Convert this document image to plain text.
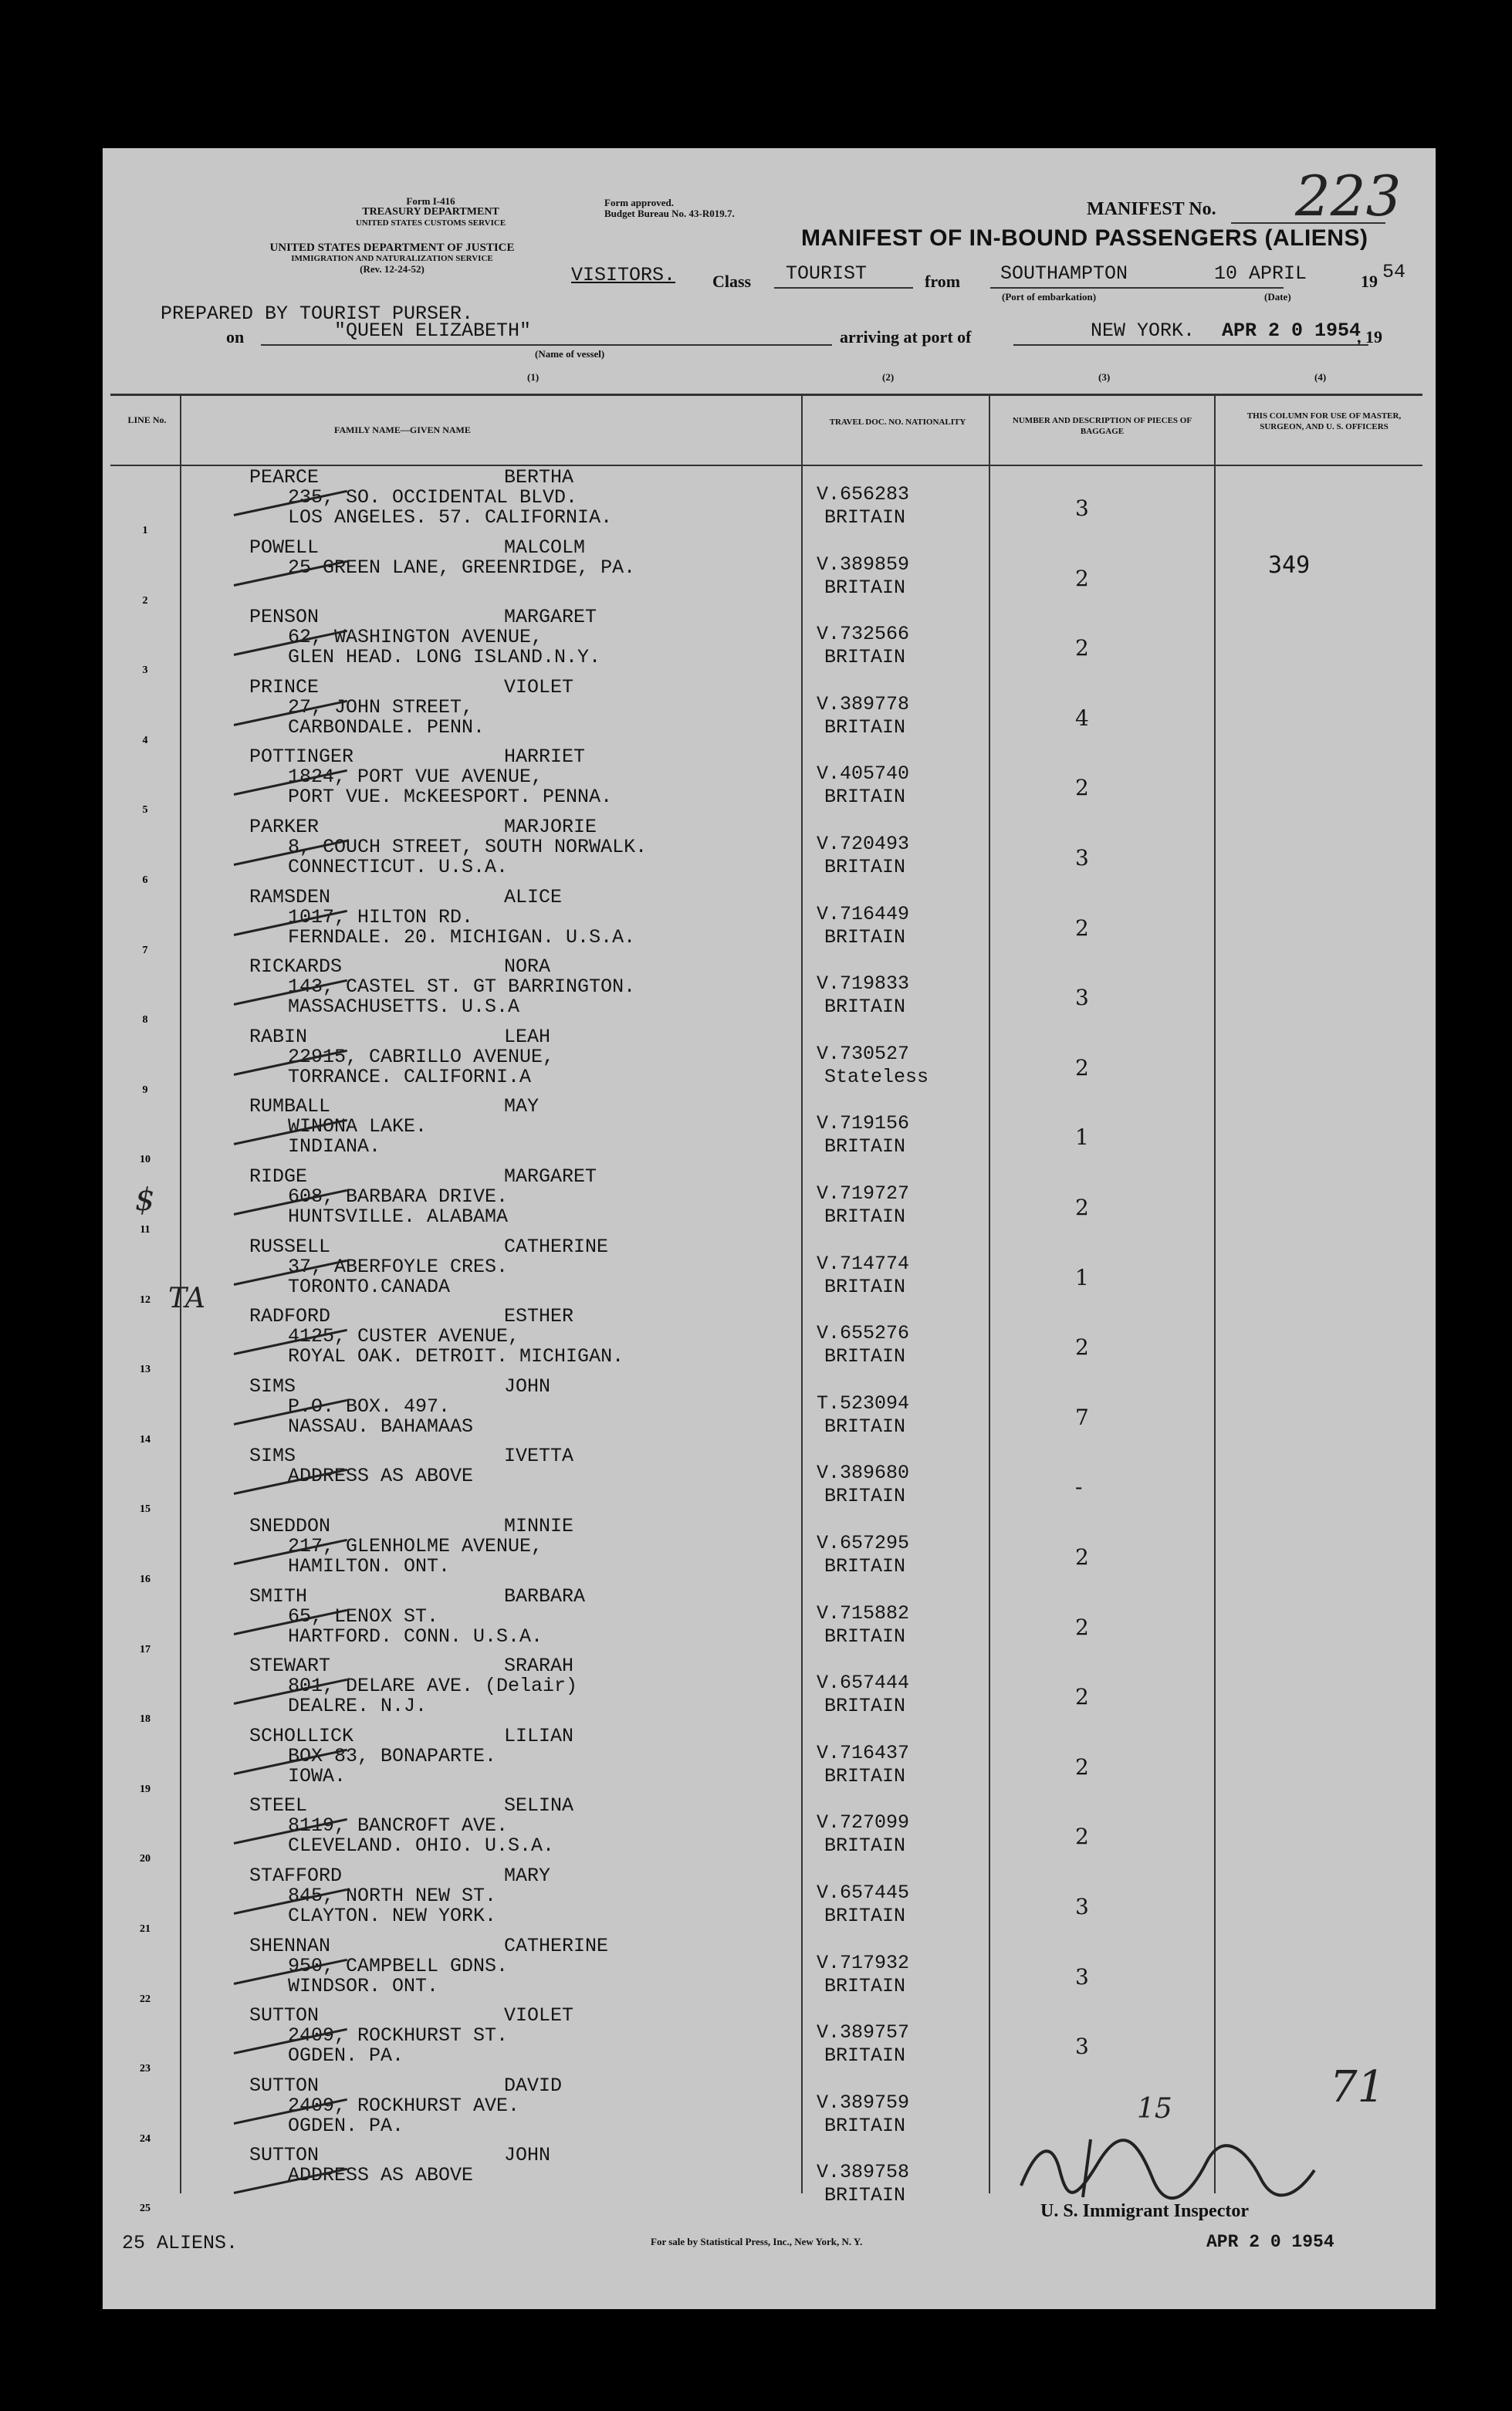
Form I-416
TREASURY DEPARTMENT
UNITED STATES CUSTOMS SERVICE
UNITED STATES DEPARTMENT OF JUSTICE
IMMIGRATION AND NATURALIZATION SERVICE
(Rev. 12-24-52)
Form approved.
Budget Bureau No. 43-R019.7.	MANIFEST No. 223
MANIFEST OF IN-BOUND PASSENGERS (ALIENS)
VISITORS. Class TOURIST	from SOUTHAMPTON
(Port of embarkation)
10 APRIL
(Date)
19 54
PREPARED BY TOURIST PURSER.
on	"QUEEN ELIZABETH"
(Name of vessel)
arriving at port of	NEW YORK. APR 2 0 1954
, 19
(1)	(2)	(3)	(4)
LINE No.
FAMILY NAME—GIVEN NAME
TRAVEL DOC. NO. NATIONALITY	NUMBER AND DESCRIPTION OF PIECES OF BAGGAGE
THIS COLUMN FOR USE OF MASTER, SURGEON, AND U. S. OFFICERS
1
PEARCE	BERTHA
235, SO. OCCIDENTAL BLVD.
LOS ANGELES. 57. CALIFORNIA.
V.656283
BRITAIN	3
2
POWELL	MALCOLM
25 GREEN LANE, GREENRIDGE, PA.	V.389859
BRITAIN	2	349
3
PENSON	MARGARET
62, WASHINGTON AVENUE,
GLEN HEAD. LONG ISLAND.N.Y.
V.732566
BRITAIN	2
4
PRINCE	VIOLET
27, JOHN STREET,
CARBONDALE. PENN.
V.389778
BRITAIN	4
5
POTTINGER	HARRIET
1824, PORT VUE AVENUE,
PORT VUE. McKEESPORT. PENNA.
V.405740
BRITAIN	2
6
PARKER	MARJORIE
8, COUCH STREET, SOUTH NORWALK.
CONNECTICUT. U.S.A.
V.720493
BRITAIN	3
7
RAMSDEN	ALICE
1017, HILTON RD.
FERNDALE. 20. MICHIGAN. U.S.A.
V.716449
BRITAIN	2
8
RICKARDS	NORA
143, CASTEL ST. GT BARRINGTON.
MASSACHUSETTS. U.S.A
V.719833
BRITAIN	3
9
RABIN	LEAH
22915, CABRILLO AVENUE,
TORRANCE. CALIFORNI.A
V.730527
Stateless	2
10
RUMBALL	MAY
WINONA LAKE.
INDIANA.
V.719156
BRITAIN	1
11
RIDGE	MARGARET
608, BARBARA DRIVE.
HUNTSVILLE. ALABAMA
V.719727
BRITAIN	2
12
RUSSELL	CATHERINE
37, ABERFOYLE CRES.
TORONTO.CANADA
V.714774
BRITAIN	1
13
RADFORD	ESTHER
4125, CUSTER AVENUE,
ROYAL OAK. DETROIT. MICHIGAN.
V.655276
BRITAIN	2
14
SIMS	JOHN
P.O. BOX. 497.
NASSAU. BAHAMAAS
T.523094
BRITAIN	7
15
SIMS	IVETTA
ADDRESS AS ABOVE	V.389680
BRITAIN	-
16
SNEDDON	MINNIE
217, GLENHOLME AVENUE,
HAMILTON. ONT.
V.657295
BRITAIN	2
17
SMITH	BARBARA
65, LENOX ST.
HARTFORD. CONN. U.S.A.
V.715882
BRITAIN	2
18
STEWART	SRARAH
801, DELARE AVE. (Delair)
DEALRE. N.J.
V.657444
BRITAIN	2
19
SCHOLLICK	LILIAN
BOX 83, BONAPARTE.
IOWA.
V.716437
BRITAIN	2
20
STEEL	SELINA
8119, BANCROFT AVE.
CLEVELAND. OHIO. U.S.A.
V.727099
BRITAIN	2
21
STAFFORD	MARY
845, NORTH NEW ST.
CLAYTON. NEW YORK.
V.657445
BRITAIN	3
22
SHENNAN	CATHERINE
950, CAMPBELL GDNS.
WINDSOR. ONT.
V.717932
BRITAIN	3
23
SUTTON	VIOLET
2409, ROCKHURST ST.
OGDEN. PA.
V.389757
BRITAIN	3
24
SUTTON	DAVID
2409, ROCKHURST AVE.
OGDEN. PA.
V.389759
BRITAIN
25
SUTTON	JOHN
ADDRESS AS ABOVE	V.389758
BRITAIN
$
TA
71
15
25 ALIENS.	For sale by Statistical Press, Inc., New York, N. Y.
U. S. Immigrant Inspector
APR 2 0 1954
